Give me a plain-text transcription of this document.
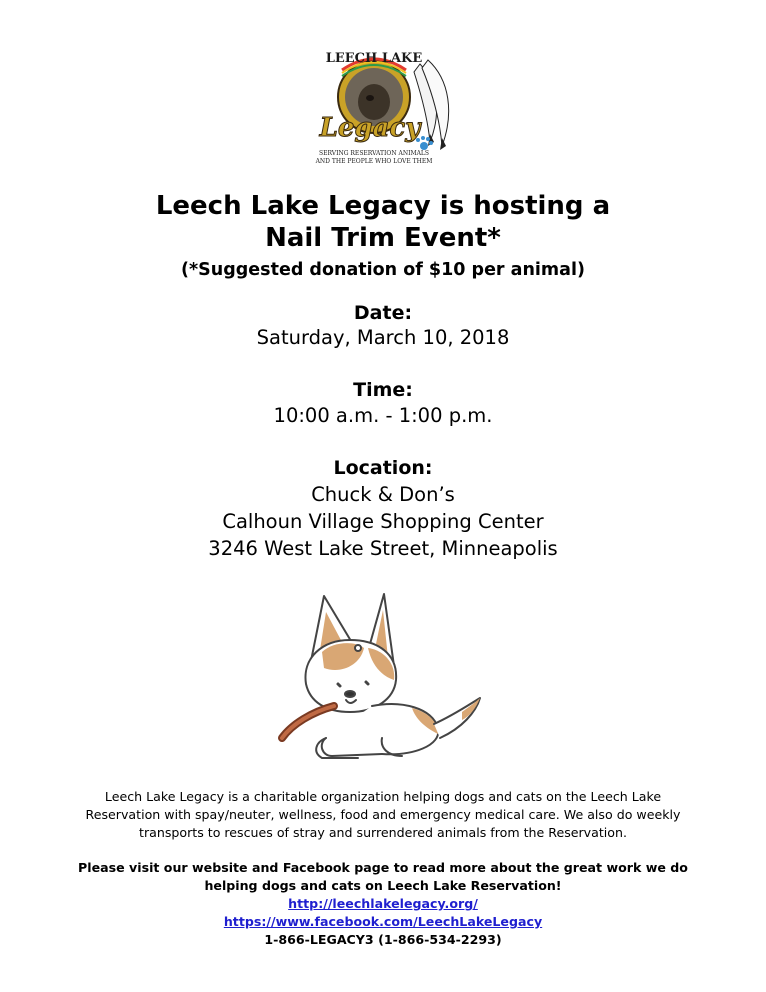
LEECH LAKE
Legacy
SERVING RESERVATION ANIMALS
AND THE PEOPLE WHO LOVE THEM
Leech Lake Legacy is hosting a
Nail Trim Event*
(*Suggested donation of $10 per animal)
Date:
Saturday, March 10, 2018
Time:
10:00 a.m. - 1:00 p.m.
Location:
Chuck & Don’s
Calhoun Village Shopping Center
3246 West Lake Street, Minneapolis
Leech Lake Legacy is a charitable organization helping dogs and cats on the Leech Lake
Reservation with spay/neuter, wellness, food and emergency medical care. We also do weekly
transports to rescues of stray and surrendered animals from the Reservation.
Please visit our website and Facebook page to read more about the great work we do
helping dogs and cats on Leech Lake Reservation!
http://leechlakelegacy.org/
https://www.facebook.com/LeechLakeLegacy
1-866-LEGACY3 (1-866-534-2293)
